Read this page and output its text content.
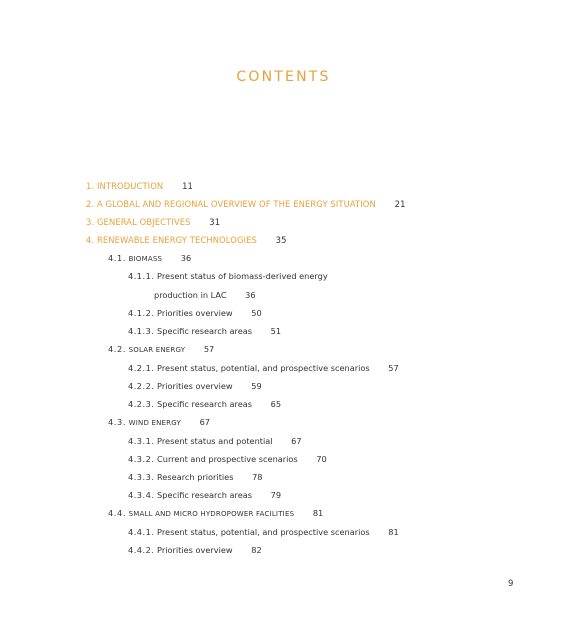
CONTENTS
1. INTRODUCTION 11
2. A GLOBAL AND REGIONAL OVERVIEW OF THE ENERGY SITUATION 21
3. GENERAL OBJECTIVES 31
4. RENEWABLE ENERGY TECHNOLOGIES 35
4.1. BIOMASS 36
4.1.1. Present status of biomass-derived energy
production in LAC 36
4.1.2. Priorities overview 50
4.1.3. Specific research areas 51
4.2. SOLAR ENERGY 57
4.2.1. Present status, potential, and prospective scenarios 57
4.2.2. Priorities overview 59
4.2.3. Specific research areas 65
4.3. WIND ENERGY 67
4.3.1. Present status and potential 67
4.3.2. Current and prospective scenarios 70
4.3.3. Research priorities 78
4.3.4. Specific research areas 79
4.4. SMALL AND MICRO HYDROPOWER FACILITIES 81
4.4.1. Present status, potential, and prospective scenarios 81
4.4.2. Priorities overview 82
9
